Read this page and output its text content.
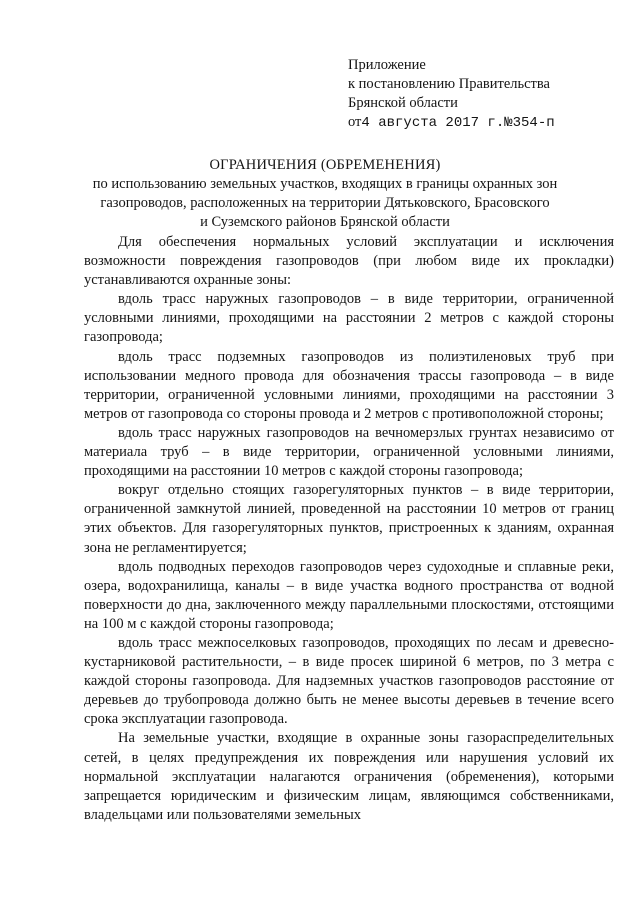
Приложение
к постановлению Правительства
Брянской области
от4 августа 2017 г.№354-п
ОГРАНИЧЕНИЯ (ОБРЕМЕНЕНИЯ)
по использованию земельных участков, входящих в границы охранных зон
газопроводов, расположенных на территории Дятьковского, Брасовского
и Суземского районов Брянской области

Для обеспечения нормальных условий эксплуатации и исключения возможности повреждения газопроводов (при любом виде их прокладки) устанавливаются охранные зоны:

вдоль трасс наружных газопроводов – в виде территории, ограниченной условными линиями, проходящими на расстоянии 2 метров с каждой стороны газопровода;

вдоль трасс подземных газопроводов из полиэтиленовых труб при использовании медного провода для обозначения трассы газопровода – в виде территории, ограниченной условными линиями, проходящими на расстоянии 3 метров от газопровода со стороны провода и 2 метров с противоположной стороны;

вдоль трасс наружных газопроводов на вечномерзлых грунтах независимо от материала труб – в виде территории, ограниченной условными линиями, проходящими на расстоянии 10 метров с каждой стороны газопровода;

вокруг отдельно стоящих газорегуляторных пунктов – в виде территории, ограниченной замкнутой линией, проведенной на расстоянии 10 метров от границ этих объектов. Для газорегуляторных пунктов, пристроенных к зданиям, охранная зона не регламентируется;

вдоль подводных переходов газопроводов через судоходные и сплавные реки, озера, водохранилища, каналы – в виде участка водного пространства от водной поверхности до дна, заключенного между параллельными плоскостями, отстоящими на 100 м с каждой стороны газопровода;

вдоль трасс межпоселковых газопроводов, проходящих по лесам и древесно-кустарниковой растительности, – в виде просек шириной 6 метров, по 3 метра с каждой стороны газопровода. Для надземных участков газопроводов расстояние от деревьев до трубопровода должно быть не менее высоты деревьев в течение всего срока эксплуатации газопровода.

На земельные участки, входящие в охранные зоны газораспределительных сетей, в целях предупреждения их повреждения или нарушения условий их нормальной эксплуатации налагаются ограничения (обременения), которыми запрещается юридическим и физическим лицам, являющимся собственниками, владельцами или пользователями земельных
